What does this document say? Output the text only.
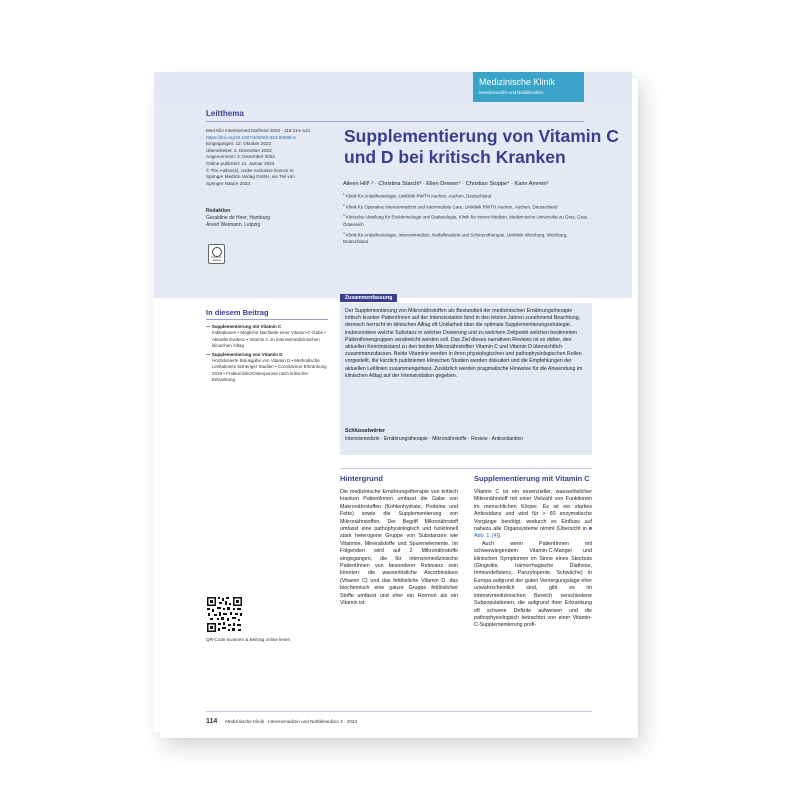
Medizinische Klinik
Intensivmedizin und Notfallmedizin
Leitthema
Med Klin Intensivmed Notfmed 2023 · 118:114–121
https://doi.org/10.1007/s00063-022-00986-6
Eingegangen: 12. Oktober 2022
Überarbeitet: 2. Dezember 2022
Angenommen: 2. Dezember 2022
Online publiziert: 11. Januar 2023
© The Author(s), under exclusive licence to
Springer Medizin Verlag GmbH, ein Teil von
Springer Nature 2023
Redaktion
Geraldine de Heer, Hamburg
Arved Weimann, Leipzig
Check for updates
Supplementierung von Vitamin C und D bei kritisch Kranken
Aileen Hill¹˒² · Christina Starchl³ · Ellen Dresen⁴ · Christian Stoppe⁴ · Karin Amrein³
$^1$ Klinik für Anästhesiologie, Uniklinik RWTH Aachen, Aachen, Deutschland
$^2$ Klinik für Operative Intensivmedizin und Intermediate Care, Uniklinik RWTH Aachen, Aachen, Deutschland
$^3$ Klinische Abteilung für Endokrinologie und Diabetologie, Klinik für Innere Medizin, Medizinische Universität zu Graz, Graz, Österreich
$^4$ Klinik für Anästhesiologie, Intensivmedizin, Notfallmedizin und Schmerztherapie, Uniklinik Würzburg, Würzburg, Deutschland
In diesem Beitrag
— Supplementierung mit Vitamin C
Indikationen • Mögliche Nachteile einer Vitamin-C-Gabe • Aktuelle Evidenz • Vitamin C im intensivmedizinischen klinischen Alltag
— Supplementierung von Vitamin D
Hochdosierte Bolusgabe von Vitamin D • Methodische Limitationen bisheriger Studien • Coronavirus-Erkrankung 2019 • Frakturrisiko/Osteoporose nach kritischer Erkrankung
Zusammenfassung

Der Supplementierung von Mikronährstoffen als Bestandteil der medizinischen Ernährungstherapie kritisch kranker PatientInnen auf der Intensivstation fand in den letzten Jahren zunehmend Beachtung, dennoch herrscht im klinischen Alltag oft Unklarheit über die optimale Supplementierungsstrategie, insbesondere welche Substanz in welcher Dosierung und zu welchem Zeitpunkt welchen bestimmten PatientInnengruppen verabreicht werden soll. Das Ziel dieses narrativen Reviews ist es daher, den aktuellen Kenntnisstand zu den beiden Mikronährstoffen Vitamin C und Vitamin D übersichtlich zusammenzufassen. Beide Vitamine werden in ihren physiologischen und pathophysiologischen Rollen vorgestellt, die kürzlich publizierten klinischen Studien werden diskutiert und die Empfehlungen der aktuellen Leitlinien zusammengefasst. Zusätzlich werden pragmatische Hinweise für die Anwendung im klinischen Alltag auf der Intensivstation gegeben.

Schlüsselwörter
Intensivmedizin · Ernährungstherapie · Mikronährstoffe · Review · Antioxidantien
Hintergrund
Die medizinische Ernährungstherapie von kritisch kranken PatientInnen umfasst die Gabe von Makronährstoffen (Kohlenhydrate, Proteine und Fette) sowie die Supplementierung von Mikronährstoffen. Der Begriff Mikronährstoff umfasst eine pathophysiologisch und funktionell stark heterogene Gruppe von Substanzen wie Vitamine, Mineralstoffe und Spurenelemente. Im Folgenden wird auf 2 Mikronährstoffe eingegangen, die für intensivmedizinische PatientInnen von besonderer Relevanz sein könnten: die wasserlösliche Ascorbinsäure (Vitamin C) und das fettlösliche Vitamin D, das biochemisch eine ganze Gruppe fettlöslicher Stoffe umfasst und eher ein Hormon als ein Vitamin ist.
Supplementierung mit Vitamin C
Vitamin C ist ein essenzieller, wasserlöslicher Mikronährstoff mit einer Vielzahl von Funktionen im menschlichen Körper. Es ist ein starkes Antioxidans und wird für > 60 enzymatische Vorgänge benötigt, wodurch es Einfluss auf nahezu alle Organsysteme nimmt (Übersicht in ■ Abb. 1; [4]).
Auch wenn PatientInnen mit schwerwiegendem Vitamin-C-Mangel und klinischen Symptomen im Sinne eines Skorbuts (Gingivitis, hämorrhagische Diathese, Immundefizienz, Panzytopenie, Schwäche) in Europa aufgrund der guten Versorgungslage eher unwahrscheinlich sind, gibt es im intensivmedizinischen Bereich verschiedene Subpopulationen, die aufgrund ihrer Erkrankung oft schwere Defizite aufweisen und die pathophysiologisch betrachtet von einer Vitamin-C-Supplementierung profi-
QR-Code scannen & Beitrag online lesen
114 Medizinische Klinik - Intensivmedizin und Notfallmedizin 2 · 2023
